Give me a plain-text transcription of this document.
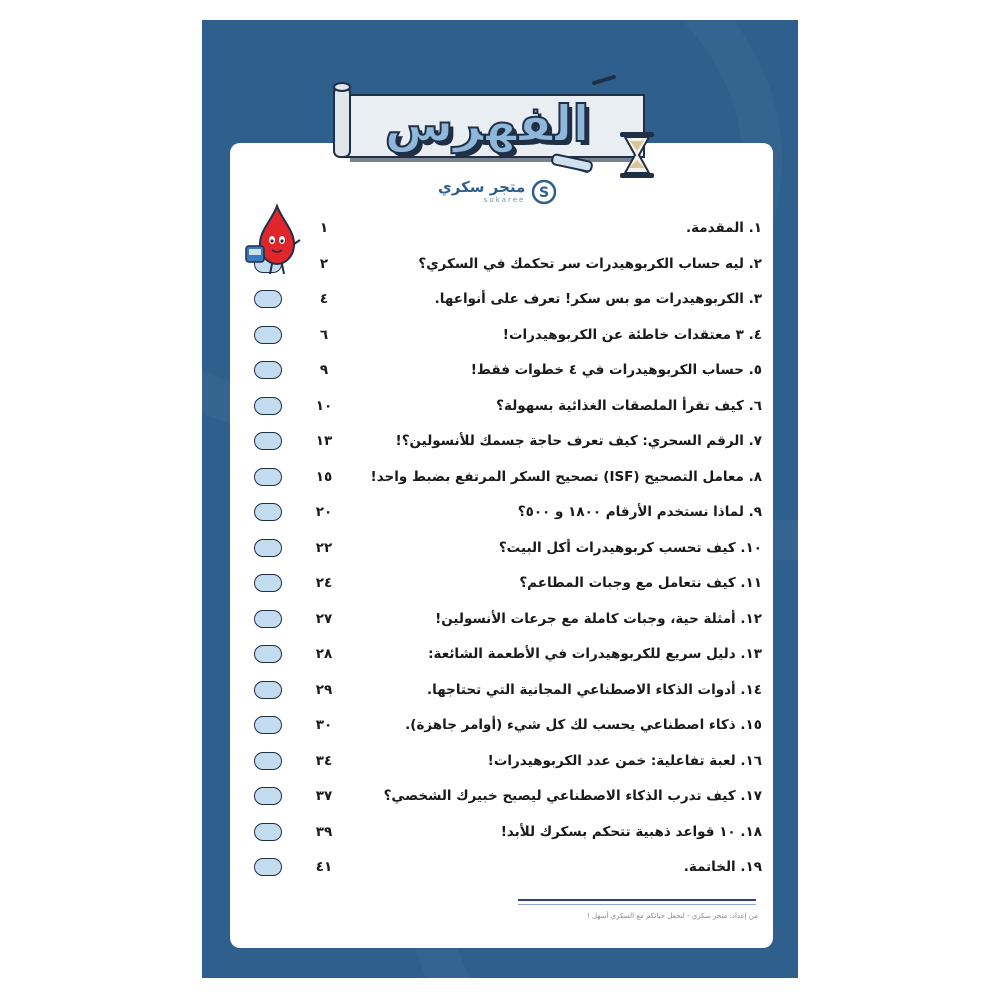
الفهرس
متجر سكري
sukaree S
١. المقدمة.
١
٢. ليه حساب الكربوهيدرات سر تحكمك في السكري؟
٢
٣. الكربوهيدرات مو بس سكر! تعرف على أنواعها.
٤
٤. ٣ معتقدات خاطئة عن الكربوهيدرات!
٦
٥. حساب الكربوهيدرات في ٤ خطوات فقط!
٩
٦. كيف تقرأ الملصقات الغذائية بسهولة؟
١٠
٧. الرقم السحري: كيف تعرف حاجة جسمك للأنسولين؟!
١٣
٨. معامل التصحيح (ISF) تصحيح السكر المرتفع بضبط واحد!
١٥
٩. لماذا نستخدم الأرقام ١٨٠٠ و ٥٠٠؟
٢٠
١٠. كيف تحسب كربوهيدرات أكل البيت؟
٢٢
١١. كيف نتعامل مع وجبات المطاعم؟
٢٤
١٢. أمثلة حية، وجبات كاملة مع جرعات الأنسولين!
٢٧
١٣. دليل سريع للكربوهيدرات في الأطعمة الشائعة:
٢٨
١٤. أدوات الذكاء الاصطناعي المجانية التي تحتاجها.
٢٩
١٥. ذكاء اصطناعي يحسب لك كل شيء (أوامر جاهزة).
٣٠
١٦. لعبة تفاعلية: خمن عدد الكربوهيدرات!
٣٤
١٧. كيف تدرب الذكاء الاصطناعي ليصبح خبيرك الشخصي؟
٣٧
١٨. ١٠ قواعد ذهبية تتحكم بسكرك للأبد!
٣٩
١٩. الخاتمة.
٤١
من إعداد: متجر سكري - لنجعل حياتكم مع السكري أسهل !
